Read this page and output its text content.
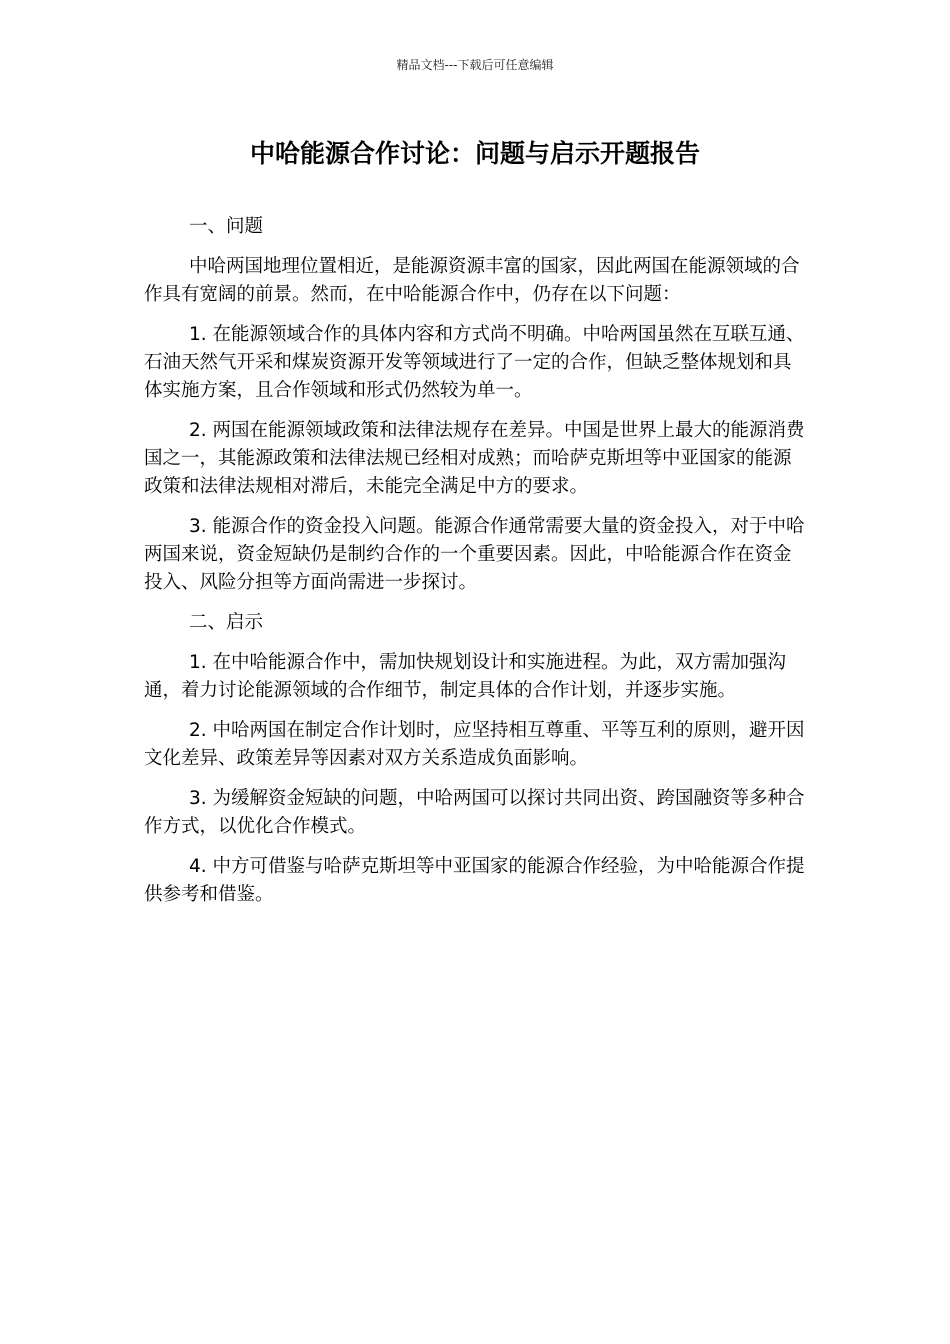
精品文档---下载后可任意编辑
中哈能源合作讨论：问题与启示开题报告

一、问题

中哈两国地理位置相近，是能源资源丰富的国家，因此两国在能源领域的合作具有宽阔的前景。然而，在中哈能源合作中，仍存在以下问题：

1. 在能源领域合作的具体内容和方式尚不明确。中哈两国虽然在互联互通、石油天然气开采和煤炭资源开发等领域进行了一定的合作，但缺乏整体规划和具体实施方案，且合作领域和形式仍然较为单一。

2. 两国在能源领域政策和法律法规存在差异。中国是世界上最大的能源消费国之一，其能源政策和法律法规已经相对成熟；而哈萨克斯坦等中亚国家的能源政策和法律法规相对滞后，未能完全满足中方的要求。

3. 能源合作的资金投入问题。能源合作通常需要大量的资金投入，对于中哈两国来说，资金短缺仍是制约合作的一个重要因素。因此，中哈能源合作在资金投入、风险分担等方面尚需进一步探讨。

二、启示

1. 在中哈能源合作中，需加快规划设计和实施进程。为此，双方需加强沟通，着力讨论能源领域的合作细节，制定具体的合作计划，并逐步实施。

2. 中哈两国在制定合作计划时，应坚持相互尊重、平等互利的原则，避开因文化差异、政策差异等因素对双方关系造成负面影响。

3. 为缓解资金短缺的问题，中哈两国可以探讨共同出资、跨国融资等多种合作方式，以优化合作模式。

4. 中方可借鉴与哈萨克斯坦等中亚国家的能源合作经验，为中哈能源合作提供参考和借鉴。
